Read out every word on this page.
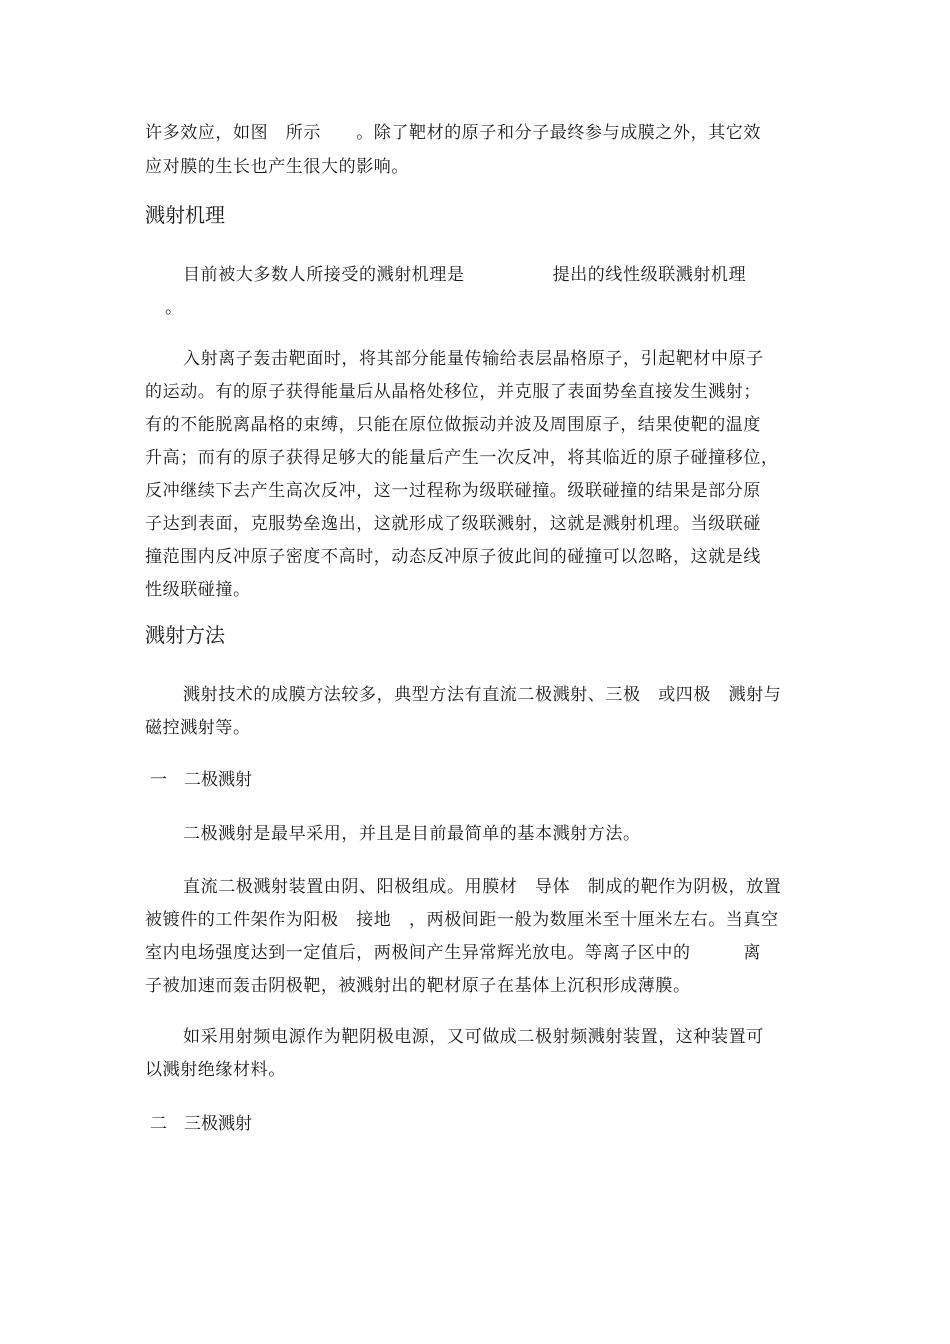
许多效应，如图　所示　　。除了靶材的原子和分子最终参与成膜之外，其它效
应对膜的生长也产生很大的影响。
溅射机理
目前被大多数人所接受的溅射机理是　　　　　提出的线性级联溅射机理
。
入射离子轰击靶面时，将其部分能量传输给表层晶格原子，引起靶材中原子
的运动。有的原子获得能量后从晶格处移位，并克服了表面势垒直接发生溅射；
有的不能脱离晶格的束缚，只能在原位做振动并波及周围原子，结果使靶的温度
升高；而有的原子获得足够大的能量后产生一次反冲，将其临近的原子碰撞移位，
反冲继续下去产生高次反冲，这一过程称为级联碰撞。级联碰撞的结果是部分原
子达到表面，克服势垒逸出，这就形成了级联溅射，这就是溅射机理。当级联碰
撞范围内反冲原子密度不高时，动态反冲原子彼此间的碰撞可以忽略，这就是线
性级联碰撞。
溅射方法
溅射技术的成膜方法较多，典型方法有直流二极溅射、三极　或四极　溅射与
磁控溅射等。
一　二极溅射
二极溅射是最早采用，并且是目前最简单的基本溅射方法。
直流二极溅射装置由阴、阳极组成。用膜材　导体　制成的靶作为阴极，放置
被镀件的工件架作为阳极　接地　，两极间距一般为数厘米至十厘米左右。当真空
室内电场强度达到一定值后，两极间产生异常辉光放电。等离子区中的　　　离
子被加速而轰击阴极靶，被溅射出的靶材原子在基体上沉积形成薄膜。
如采用射频电源作为靶阴极电源，又可做成二极射频溅射装置，这种装置可
以溅射绝缘材料。
二　三极溅射
